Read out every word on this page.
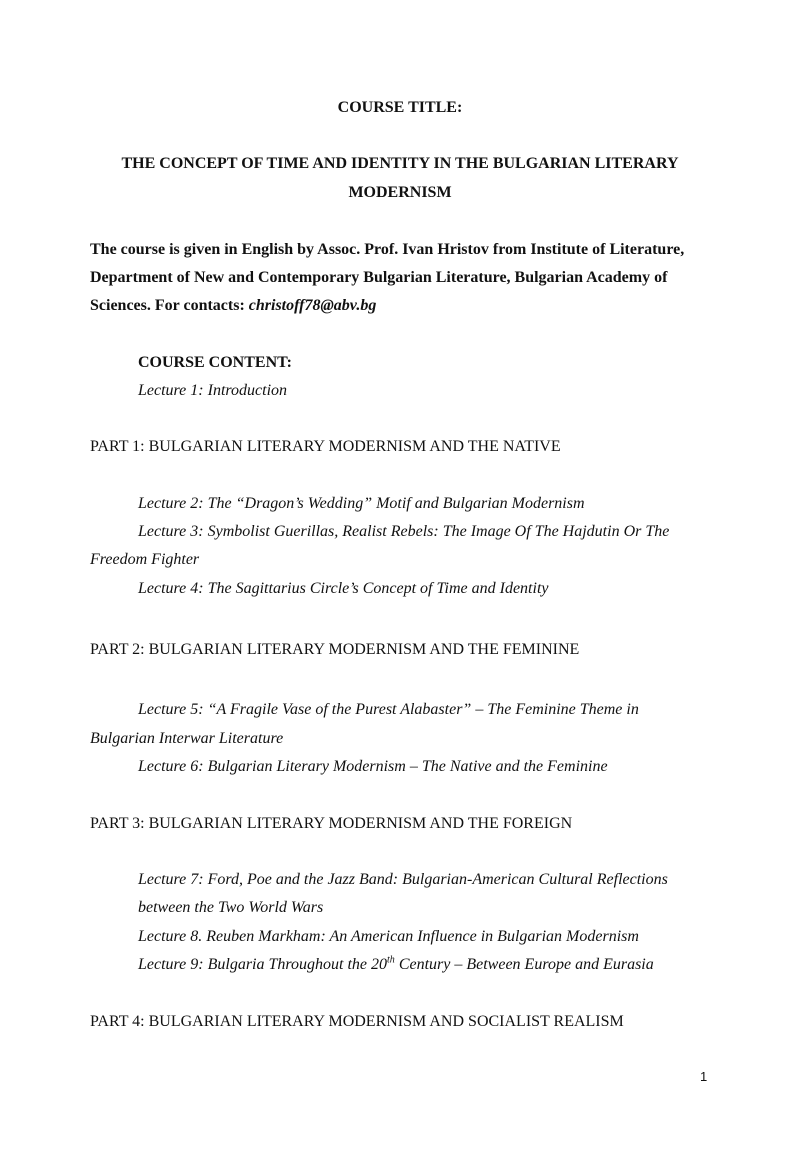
COURSE TITLE:
THE CONCEPT OF TIME AND IDENTITY IN THE BULGARIAN LITERARY
MODERNISM
The course is given in English by Assoc. Prof. Ivan Hristov from Institute of Literature,
Department of New and Contemporary Bulgarian Literature, Bulgarian Academy of
Sciences. For contacts: christoff78@abv.bg
COURSE CONTENT:
Lecture 1: Introduction
PART 1: BULGARIAN LITERARY MODERNISM AND THE NATIVE
Lecture 2: The “Dragon’s Wedding” Motif and Bulgarian Modernism
Lecture 3: Symbolist Guerillas, Realist Rebels: The Image Of The Hajdutin Or The
Freedom Fighter
Lecture 4: The Sagittarius Circle’s Concept of Time and Identity
PART 2: BULGARIAN LITERARY MODERNISM AND THE FEMININE
Lecture 5: “A Fragile Vase of the Purest Alabaster” – The Feminine Theme in
Bulgarian Interwar Literature
Lecture 6: Bulgarian Literary Modernism – The Native and the Feminine
PART 3: BULGARIAN LITERARY MODERNISM AND THE FOREIGN
Lecture 7: Ford, Poe and the Jazz Band: Bulgarian-American Cultural Reflections
between the Two World Wars
Lecture 8. Reuben Markham: An American Influence in Bulgarian Modernism
Lecture 9: Bulgaria Throughout the 20th Century – Between Europe and Eurasia
PART 4: BULGARIAN LITERARY MODERNISM AND SOCIALIST REALISM
1
